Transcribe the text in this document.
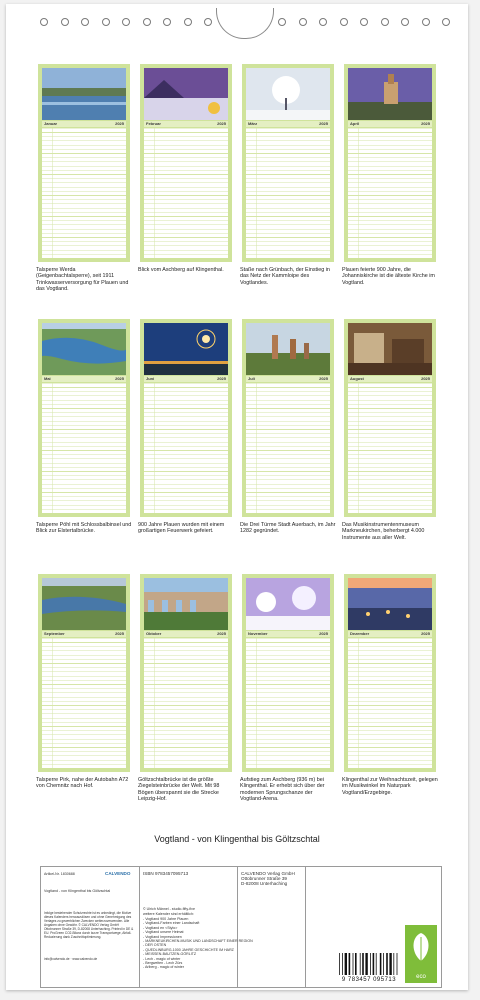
Januar	2025
Talsperre Werda (Geigenbachtalsperre), seit 1911 Trinkwasserversorgung für Plauen und das Vogtland.
Februar	2025
Blick vom Aschberg auf Klingenthal.
März	2025
Staße nach Grünbach, der Einstieg in das Netz der Kammloipe des Vogtlandes.
April	2025
Plauen feierte 900 Jahre, die Johanniskirche ist die älteste Kirche im Vogtland.
Mai	2025
Talsperre Pöhl mit Schlossbalbinsel und Blick zur Elstertalbrücke.
Juni	2025
900 Jahre Plauen wurden mit einem großartigen Feuerwerk gefeiert.
Juli	2025
Die Drei Türme Stadt Auerbach, im Jahr 1282 gegründet.
August	2025
Das Musikinstrumentenmuseum Markneukirchen, beherbergt 4.000 Instrumente aus aller Welt.
September	2025
Talsperre Pirk, nahe der Autobahn A72 von Chemnitz nach Hof.
Oktober	2025
Göltzschtalbrücke ist die größte Ziegelsteinbrücke der Welt. Mit 98 Bögen überspannt sie die Strecke Leipzig-Hof.
November	2025
Aufstieg zum Aschberg (936 m) bei Klingenthal. Er erhebt sich über der modernen Sprungschanze der Vogtland-Arena.
Dezember	2025
Klingenthal zur Weihnachtszeit, gelegen im Musikwinkel im Naturpark Vogtland/Erzgebirge.
Vogtland - von Klingenthal bis Göltzschtal
Artikel-Nr. 1830688	CALVENDO
Vogtland - von Klingenthal bis Göltzschtal
Infolge bestehender Schutzrechte ist es unbedingt, die Motive dieses Kalenders herauszulösen und ohne Genehmigung des Verlages zu gewerblichen Zwecken weiterzuverwenden. Alle Angaben ohne Gewähr. © CALVENDO Verlag GmbH Ottobrunner Straße 39, D-82008 Unterhaching. Printed in DE & EU. ProGreen CO2-Bilanz durch kurze Transportwege, Abfall-Reduzierung dank Zuschnittoptimierung.
info@calvendo.de · www.calvendo.de
ISBN 9783457095713
© Ulrich Männel - studio-fifty-five
weitere Kalender sind erhältlich:
- Vogtland 900 Jahre Plauen
- Vogtland-Farben einer Landschaft
- Vogtland en <Stylo>
- Vogtland unsere Heimat
- Vogtland Impressionen
- MARKNEUKIRCHEN-MUSIK UND LANDSCHAFT EINER REGION
- DER OSTEN
- QUEDLINBURG-1000 JAHRE GESCHICHTE IM HARZ
- MEISSEN-BAUTZEN-GÖRLITZ
- Lech - magic of winter
- Bergwelten - Lech Zürs
- Arlberg - magic of winter
CALVENDO Verlag GmbH
Ottobrunner Straße 39
D-82008 Unterhaching
9 783457 095713	eco
